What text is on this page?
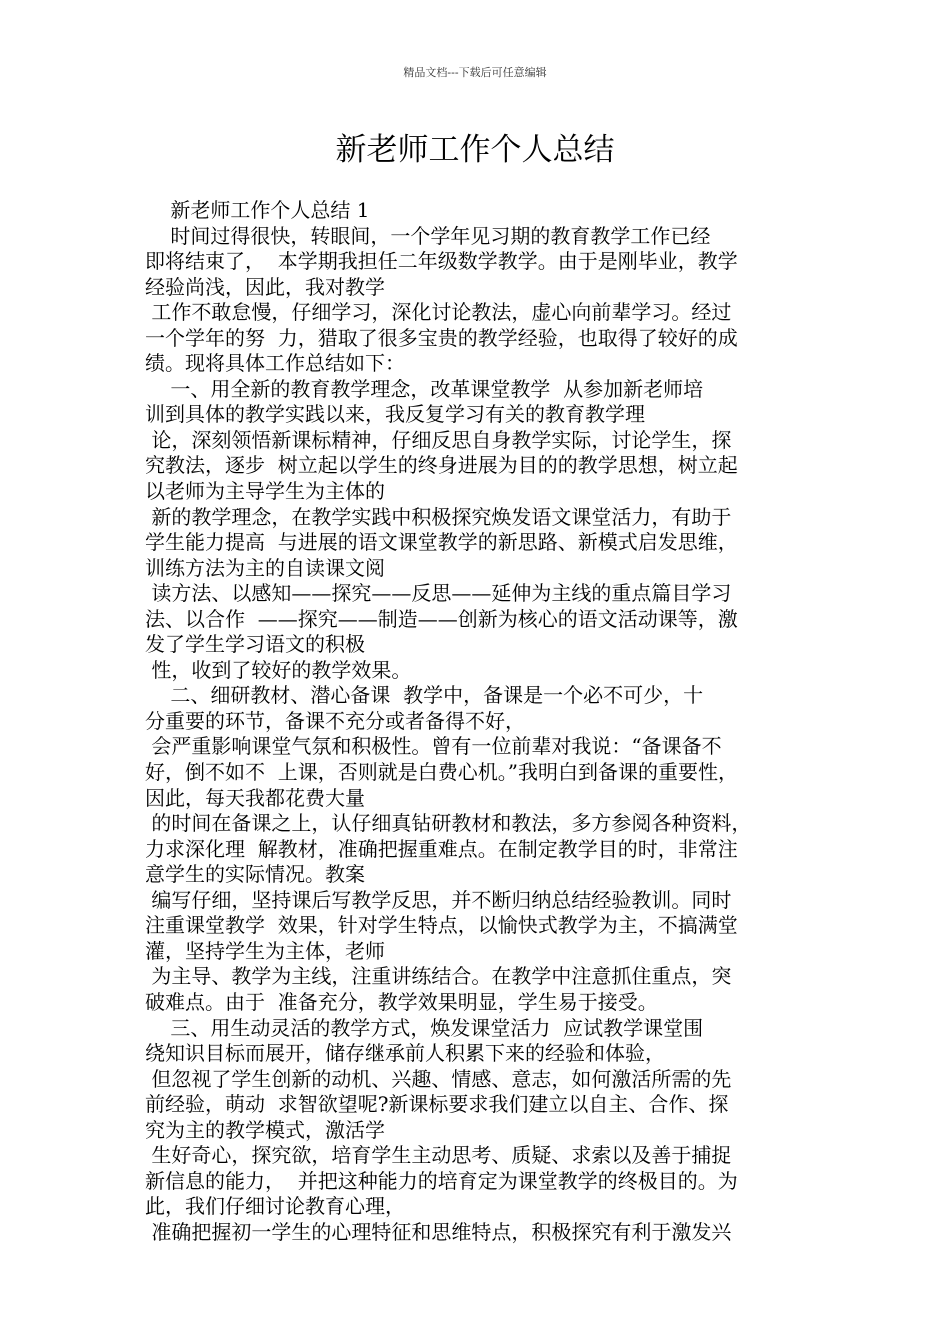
精品文档---下载后可任意编辑
新老师工作个人总结
新老师工作个人总结 1
时间过得很快，转眼间，一个学年见习期的教育教学工作已经
即将结束了，  本学期我担任二年级数学教学。由于是刚毕业，教学
经验尚浅，因此，我对教学
工作不敢怠慢，仔细学习，深化讨论教法，虚心向前辈学习。经过
一个学年的努  力，猎取了很多宝贵的教学经验，也取得了较好的成
绩。现将具体工作总结如下：
一、用全新的教育教学理念，改革课堂教学  从参加新老师培
训到具体的教学实践以来，我反复学习有关的教育教学理
论，深刻领悟新课标精神，仔细反思自身教学实际，讨论学生，探
究教法，逐步  树立起以学生的终身进展为目的的教学思想，树立起
以老师为主导学生为主体的
新的教学理念，在教学实践中积极探究焕发语文课堂活力，有助于
学生能力提高  与进展的语文课堂教学的新思路、新模式启发思维，
训练方法为主的自读课文阅
读方法、以感知——探究——反思——延伸为主线的重点篇目学习
法、以合作  ——探究——制造——创新为核心的语文活动课等，激
发了学生学习语文的积极
性，收到了较好的教学效果。
二、细研教材、潜心备课  教学中，备课是一个必不可少，十
分重要的环节，备课不充分或者备得不好，
会严重影响课堂气氛和积极性。曾有一位前辈对我说：“备课备不
好，倒不如不  上课，否则就是白费心机。”我明白到备课的重要性，
因此，每天我都花费大量
的时间在备课之上，认仔细真钻研教材和教法，多方参阅各种资料，
力求深化理  解教材，准确把握重难点。在制定教学目的时，非常注
意学生的实际情况。教案
编写仔细，坚持课后写教学反思，并不断归纳总结经验教训。同时
注重课堂教学  效果，针对学生特点，以愉快式教学为主，不搞满堂
灌，坚持学生为主体，老师
为主导、教学为主线，注重讲练结合。在教学中注意抓住重点，突
破难点。由于  准备充分，教学效果明显，学生易于接受。
三、用生动灵活的教学方式，焕发课堂活力  应试教学课堂围
绕知识目标而展开，储存继承前人积累下来的经验和体验，
但忽视了学生创新的动机、兴趣、情感、意志，如何激活所需的先
前经验，萌动  求智欲望呢?新课标要求我们建立以自主、合作、探
究为主的教学模式，激活学
生好奇心，探究欲，培育学生主动思考、质疑、求索以及善于捕捉
新信息的能力，  并把这种能力的培育定为课堂教学的终极目的。为
此，我们仔细讨论教育心理，
准确把握初一学生的心理特征和思维特点，积极探究有利于激发兴
